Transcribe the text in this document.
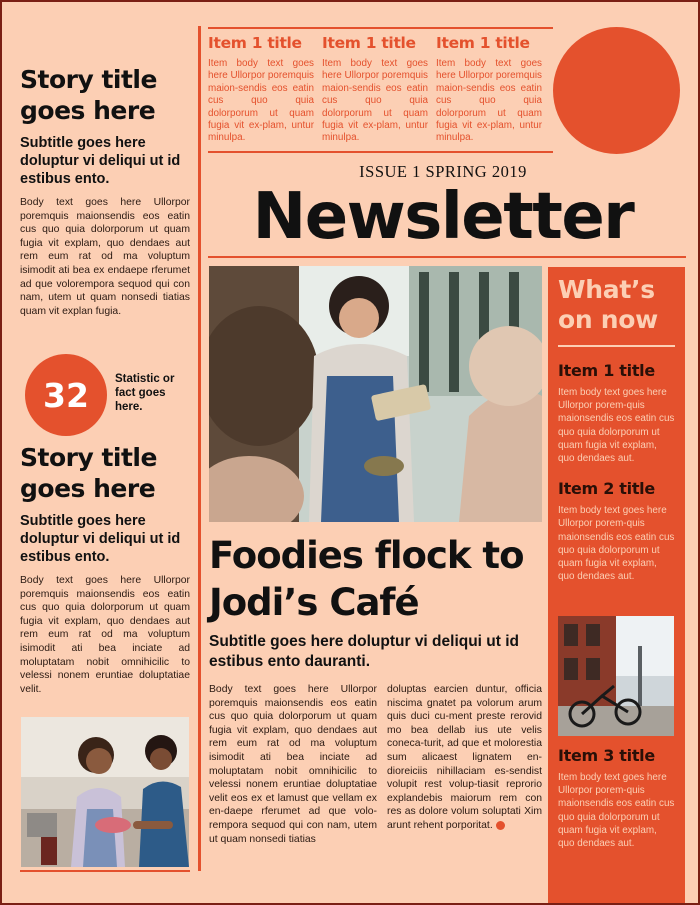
Story title goes here

Subtitle goes here doluptur vi deliqui ut id estibus ento.

Body text goes here Ullorpor poremquis maionsendis eos eatin cus quo quia dolorporum ut quam fugia vit explam, quo dendaes aut rem eum rat od ma voluptum isimodit ati bea ex endaepe rferumet ad que volorempora sequod qui con nam, utem ut quam nonsedi tiatias quam vit explan fugia.

32	Statistic or fact goes here.
Story title goes here

Subtitle goes here doluptur vi deliqui ut id estibus ento.

Body text goes here Ullorpor poremquis maionsendis eos eatin cus quo quia dolorporum ut quam fugia vit explam, quo dendaes aut rem eum rat od ma voluptum isimodit ati bea inciate ad moluptatam nobit omnihicilic to velessi nonem eruntiae doluptatiae velit.

Item 1 title

Item body text goes here Ullorpor poremquis maion-sendis eos eatin cus quo quia dolorporum ut quam fugia vit ex-plam, untur minulpa.

Item 1 title

Item body text goes here Ullorpor poremquis maion-sendis eos eatin cus quo quia dolorporum ut quam fugia vit ex-plam, untur minulpa.

Item 1 title

Item body text goes here Ullorpor poremquis maion-sendis eos eatin cus quo quia dolorporum ut quam fugia vit ex-plam, untur minulpa.

ISSUE 1 SPRING 2019
Newsletter
Foodies flock to Jodi’s Café

Subtitle goes here doluptur vi deliqui ut id estibus ento dauranti.

Body text goes here Ullorpor poremquis maionsendis eos eatin cus quo quia dolorporum ut quam fugia vit explam, quo dendaes aut rem eum rat od ma voluptum isimodit ati bea inciate ad moluptatam nobit omnihicilic to velessi nonem eruntiae doluptatiae velit eos ex et lamust que vellam ex en-daepe rferumet ad que volo-rempora sequod qui con nam, utem ut quam nonsedi tiatias

doluptas earcien duntur, officia niscima gnatet pa volorum arum quis duci cu-ment preste rerovid mo bea dellab ius ute velis coneca-turit, ad que et molorestia sum alicaest lignatem en-dioreiciis nihillaciam es-sendist volupit rest volup-tiasit reprorio explandebis maiorum rem con res as dolore volum soluptati Xim arunt rehent porporitat.

What’s on now
Item 1 title

Item body text goes here Ullorpor porem-quis maionsendis eos eatin cus quo quia dolorporum ut quam fugia vit explam, quo dendaes aut.

Item 2 title

Item body text goes here Ullorpor porem-quis maionsendis eos eatin cus quo quia dolorporum ut quam fugia vit explam, quo dendaes aut.

Item 3 title

Item body text goes here Ullorpor porem-quis maionsendis eos eatin cus quo quia dolorporum ut quam fugia vit explam, quo dendaes aut.
